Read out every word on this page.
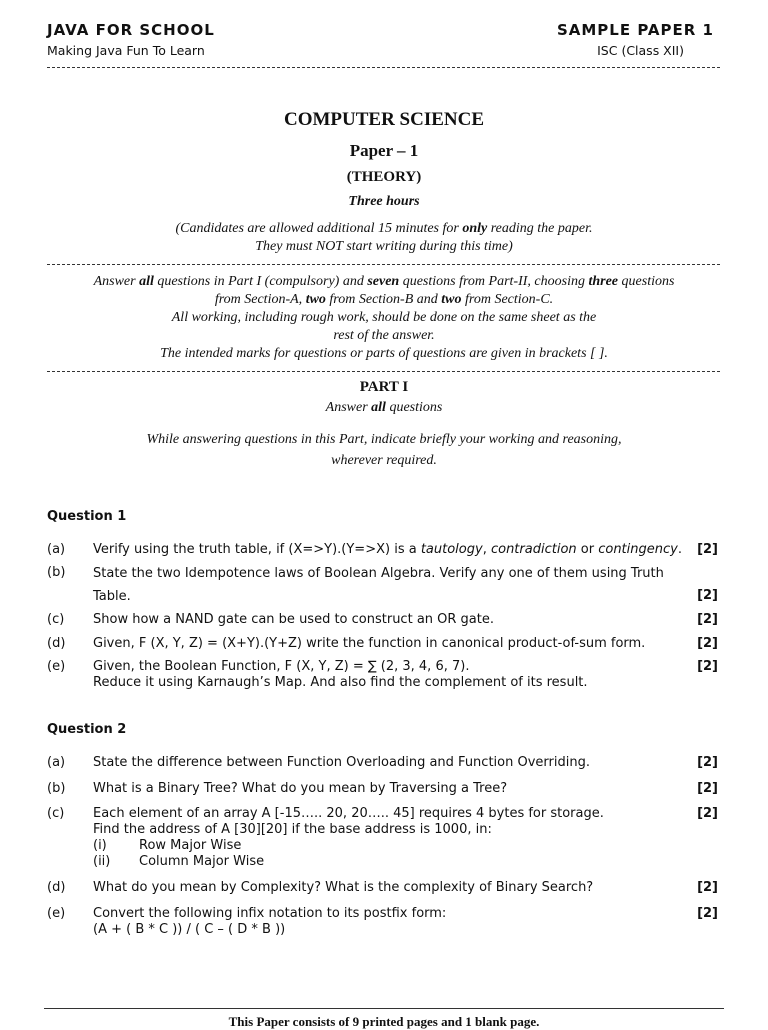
JAVA FOR SCHOOL
Making Java Fun To Learn
SAMPLE PAPER 1
ISC (Class XII)
COMPUTER SCIENCE
Paper – 1
(THEORY)
Three hours
(Candidates are allowed additional 15 minutes for only reading the paper.
They must NOT start writing during this time)
Answer all questions in Part I (compulsory) and seven questions from Part-II, choosing three questions
from Section-A, two from Section-B and two from Section-C.
All working, including rough work, should be done on the same sheet as the
rest of the answer.
The intended marks for questions or parts of questions are given in brackets [ ].
PART I
Answer all questions
While answering questions in this Part, indicate briefly your working and reasoning,
wherever required.
Question 1
(a) Verify using the truth table, if (X=>Y).(Y=>X) is a tautology, contradiction or contingency.	[2]
(b) State the two Idempotence laws of Boolean Algebra. Verify any one of them using Truth
Table.	[2]
(c) Show how a NAND gate can be used to construct an OR gate.	[2]
(d) Given, F (X, Y, Z) = (X+Y).(Y+Z) write the function in canonical product-of-sum form.	[2]
(e) Given, the Boolean Function, F (X, Y, Z) = ∑ (2, 3, 4, 6, 7).
Reduce it using Karnaugh’s Map. And also find the complement of its result.
[2]
Question 2
(a) State the difference between Function Overloading and Function Overriding.	[2]
(b) What is a Binary Tree? What do you mean by Traversing a Tree?	[2]
(c) Each element of an array A [-15….. 20, 20….. 45] requires 4 bytes for storage.
Find the address of A [30][20] if the base address is 1000, in:
[2]
(i) Row Major Wise
(ii) Column Major Wise
(d) What do you mean by Complexity? What is the complexity of Binary Search?	[2]
(e) Convert the following infix notation to its postfix form:
(A + ( B * C )) / ( C – ( D * B ))
[2]
This Paper consists of 9 printed pages and 1 blank page.
